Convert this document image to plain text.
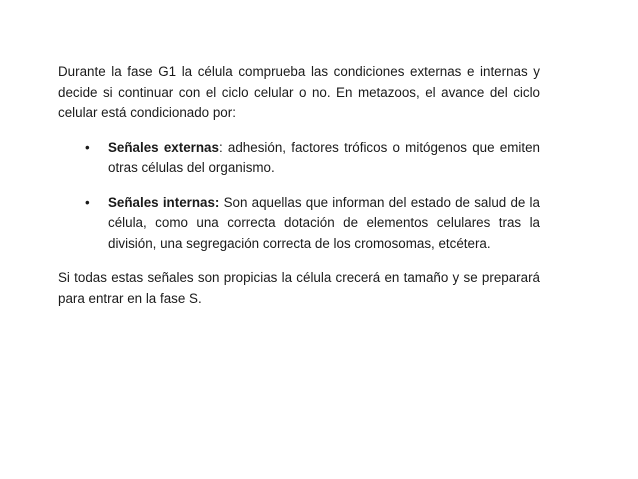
Durante la fase G1 la célula comprueba las condiciones externas e internas y decide si continuar con el ciclo celular o no. En metazoos, el avance del ciclo celular está condicionado por:

• Señales externas: adhesión, factores tróficos o mitógenos que emiten otras células del organismo.
• Señales internas: Son aquellas que informan del estado de salud de la célula, como una correcta dotación de elementos celulares tras la división, una segregación correcta de los cromosomas, etcétera.

Si todas estas señales son propicias la célula crecerá en tamaño y se preparará para entrar en la fase S.
